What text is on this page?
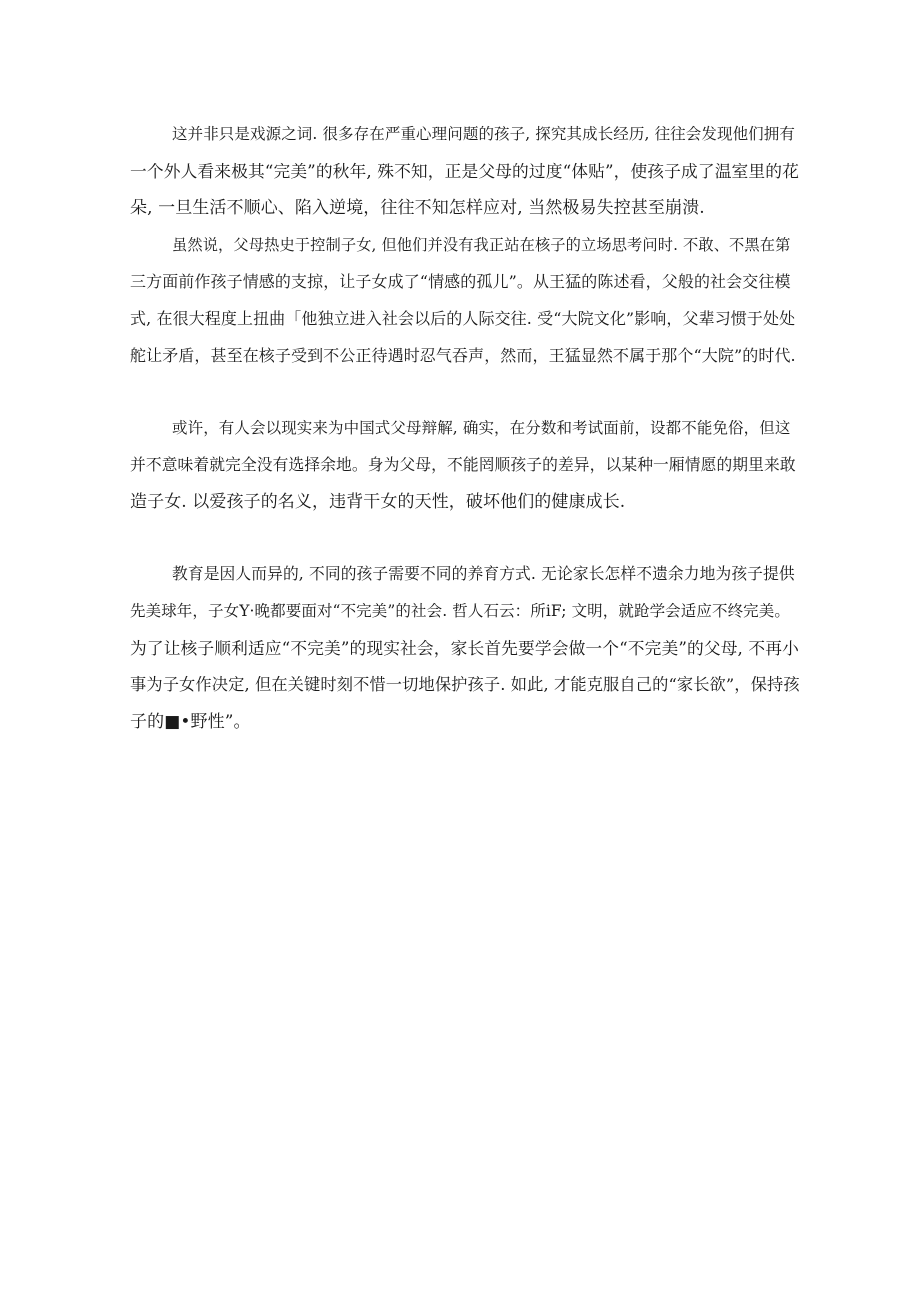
这并非只是戏源之词. 很多存在严重心理问题的孩子, 探究其成长经历, 往往会发现他们拥有
一个外人看来极其“完美”的秋年, 殊不知，正是父母的过度“体贴”，使孩子成了温室里的花
朵, 一旦生活不顺心、陷入逆境，往往不知怎样应对, 当然极易失控甚至崩溃.
虽然说，父母热史于控制子女, 但他们并没有我正站在核子的立场思考问时. 不敢、不黑在第
三方面前作孩子情感的支掠，让子女成了“情感的孤儿”。从王猛的陈述看，父般的社会交往模
式, 在很大程度上扭曲「他独立进入社会以后的人际交往. 受“大院文化”影响，父辈习惯于处处
舵让矛盾，甚至在核子受到不公正待遇时忍气吞声，然而，王猛显然不属于那个“大院”的时代.
或许，有人会以现实来为中国式父母辩解, 确实，在分数和考试面前，设都不能免俗，但这
并不意味着就完全没有选择余地。身为父母，不能罔顺孩子的差异，以某种一厢情愿的期里来敢
造子女. 以爱孩子的名义，违背干女的天性，破坏他们的健康成长.
教育是因人而异的, 不同的孩子需要不同的养育方式. 无论家长怎样不遗余力地为孩子提供
先美球年，子女Y·晚都要面对“不完美”的社会. 哲人石云：所iF; 文明，就跄学会适应不终完美。
为了让核子顺利适应“不完美”的现实社会，家长首先要学会做一个“不完美”的父母, 不再小
事为子女作决定, 但在关键时刻不惜一切地保护孩子. 如此, 才能克服自己的“家长欲”，保持孩
子的■•野性”。
